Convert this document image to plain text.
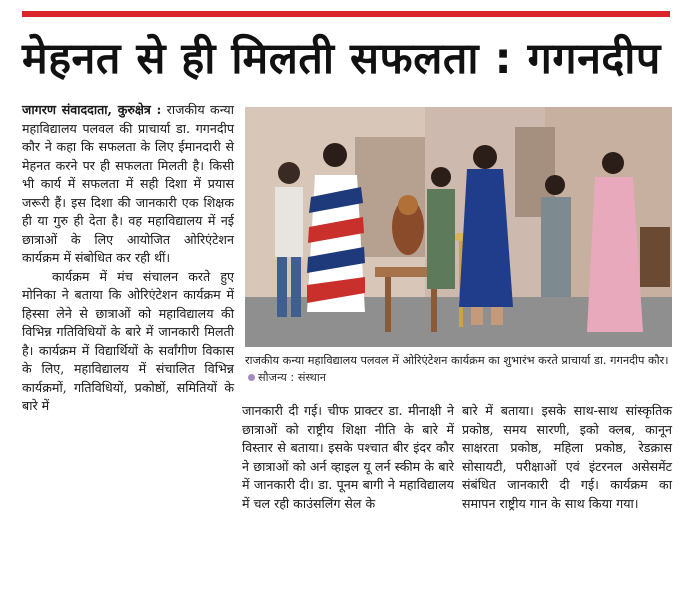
मेहनत से ही मिलती सफलता : गगनदीप

जागरण संवाददाता, कुरुक्षेत्र : राजकीय कन्या महाविद्यालय पलवल की प्राचार्या डा. गगनदीप कौर ने कहा कि सफलता के लिए ईमानदारी से मेहनत करने पर ही सफलता मिलती है। किसी भी कार्य में सफलता में सही दिशा में प्रयास जरूरी हैं। इस दिशा की जानकारी एक शिक्षक ही या गुरु ही देता है। वह महाविद्यालय में नई छात्राओं के लिए आयोजित ओरिएंटेशन कार्यक्रम में संबोधित कर रही थीं।

कार्यक्रम में मंच संचालन करते हुए मोनिका ने बताया कि ओरिएंटेशन कार्यक्रम में हिस्सा लेने से छात्राओं को महाविद्यालय की विभिन्न गतिविधियों के बारे में जानकारी मिलती है। कार्यक्रम में विद्यार्थियों के सर्वांगीण विकास के लिए, महाविद्यालय में संचालित विभिन्न कार्यक्रमों, गतिविधियों, प्रकोष्ठों, समितियों के बारे में

राजकीय कन्या महाविद्यालय पलवल में ओरिएंटेशन कार्यक्रम का शुभारंभ करते प्राचार्या डा. गगनदीप कौर। सौजन्य : संस्थान

जानकारी दी गई। चीफ प्राक्टर डा. मीनाक्षी ने छात्राओं को राष्ट्रीय शिक्षा नीति के बारे में विस्तार से बताया। इसके पश्चात बीर इंदर कौर ने छात्राओं को अर्न व्हाइल यू लर्न स्कीम के बारे में जानकारी दी। डा. पूनम बागी ने महाविद्यालय में चल रही काउंसलिंग सेल के

बारे में बताया। इसके साथ-साथ सांस्कृतिक प्रकोष्ठ, समय सारणी, इको क्लब, कानून साक्षरता प्रकोष्ठ, महिला प्रकोष्ठ, रेडक्रास सोसायटी, परीक्षाओं एवं इंटरनल असेसमेंट संबंधित जानकारी दी गई। कार्यक्रम का समापन राष्ट्रीय गान के साथ किया गया।
